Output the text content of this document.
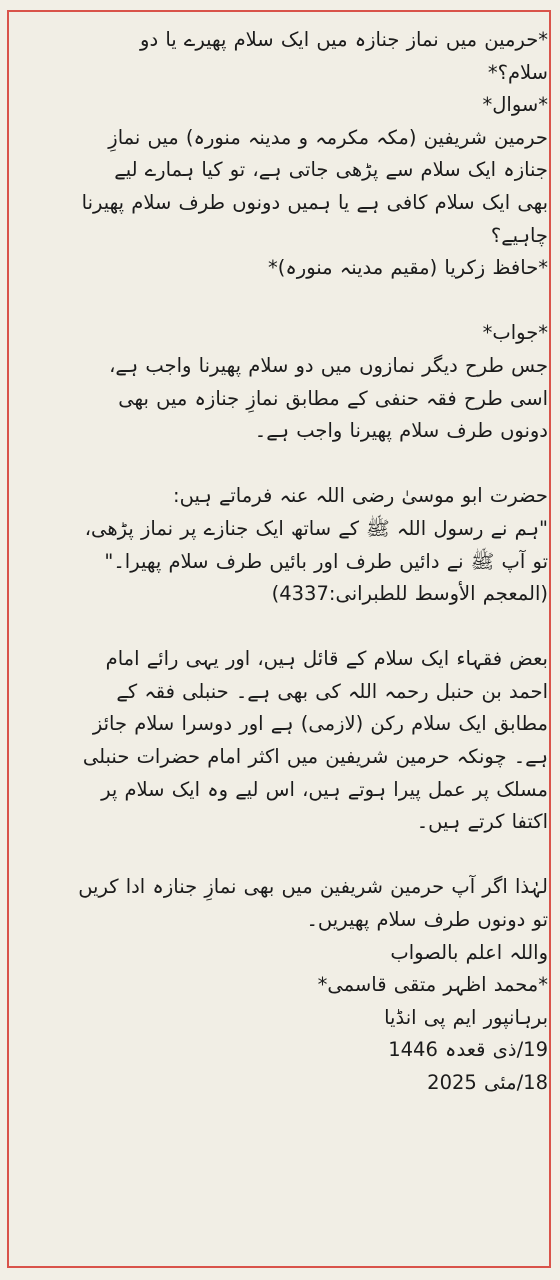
*حرمین میں نماز جنازہ میں ایک سلام پھیرے یا دو
سلام؟*
*سوال*
حرمین شریفین (مکہ مکرمہ و مدینہ منورہ) میں نمازِ
جنازہ ایک سلام سے پڑھی جاتی ہے، تو کیا ہمارے لیے
بھی ایک سلام کافی ہے یا ہمیں دونوں طرف سلام پھیرنا
چاہیے؟
*حافظ زکریا (مقیم مدینہ منورہ)*
*جواب*
جس طرح دیگر نمازوں میں دو سلام پھیرنا واجب ہے،
اسی طرح فقہ حنفی کے مطابق نمازِ جنازہ میں بھی
دونوں طرف سلام پھیرنا واجب ہے۔
حضرت ابو موسیٰ رضی اللہ عنہ فرماتے ہیں:
"ہم نے رسول اللہ ﷺ کے ساتھ ایک جنازے پر نماز پڑھی،
تو آپ ﷺ نے دائیں طرف اور بائیں طرف سلام پھیرا۔"
(المعجم الأوسط للطبرانی:4337)
بعض فقہاء ایک سلام کے قائل ہیں، اور یہی رائے امام
احمد بن حنبل رحمہ اللہ کی بھی ہے۔ حنبلی فقہ کے
مطابق ایک سلام رکن (لازمی) ہے اور دوسرا سلام جائز
ہے۔ چونکہ حرمین شریفین میں اکثر امام حضرات حنبلی
مسلک پر عمل پیرا ہوتے ہیں، اس لیے وہ ایک سلام پر
اکتفا کرتے ہیں۔
لہٰذا اگر آپ حرمین شریفین میں بھی نمازِ جنازہ ادا کریں
تو دونوں طرف سلام پھیریں۔
واللہ اعلم بالصواب
*محمد اظہر متقی قاسمی*
برہانپور ایم پی انڈیا
19/ذی قعدہ 1446
18/مئی 2025
